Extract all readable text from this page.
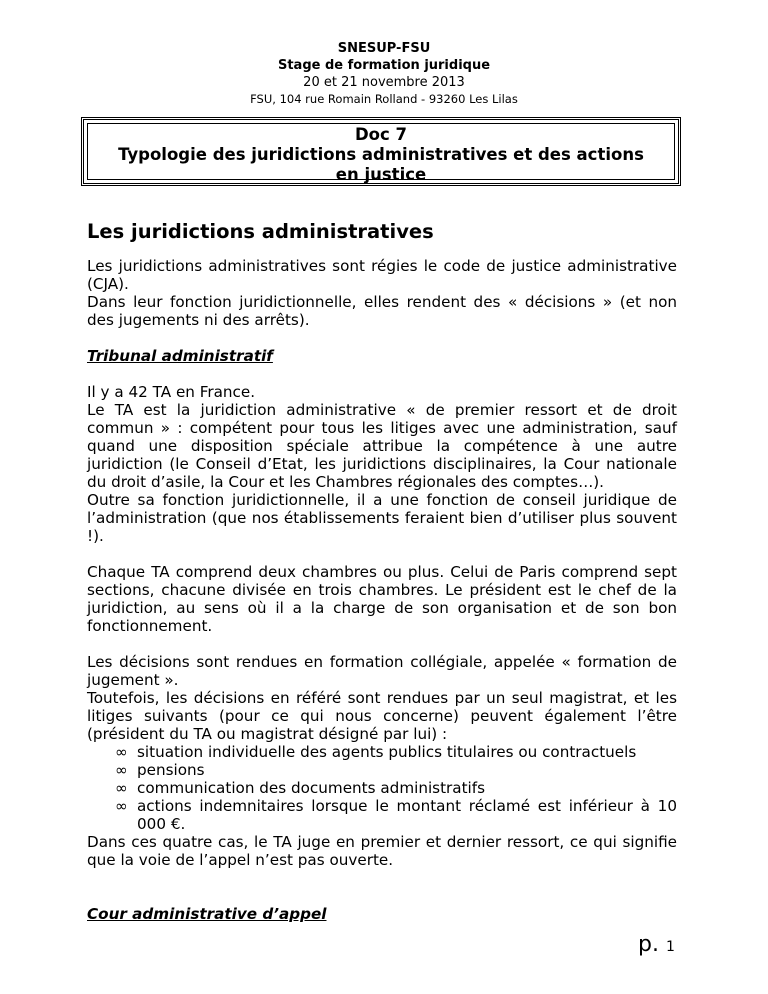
SNESUP-FSU
Stage de formation juridique
20 et 21 novembre 2013
FSU, 104 rue Romain Rolland - 93260 Les Lilas
Doc 7
Typologie des juridictions administratives et des actions
en justice
Les juridictions administratives

Les juridictions administratives sont régies le code de justice administrative (CJA).

Dans leur fonction juridictionnelle, elles rendent des « décisions » (et non des jugements ni des arrêts).

Tribunal administratif

Il y a 42 TA en France.

Le TA est la juridiction administrative « de premier ressort et de droit commun » : compétent pour tous les litiges avec une administration, sauf quand une disposition spéciale attribue la compétence à une autre juridiction (le Conseil d’Etat, les juridictions disciplinaires, la Cour nationale du droit d’asile, la Cour et les Chambres régionales des comptes…).

Outre sa fonction juridictionnelle, il a une fonction de conseil juridique de l’administration (que nos établissements feraient bien d’utiliser plus souvent !).

Chaque TA comprend deux chambres ou plus. Celui de Paris comprend sept sections, chacune divisée en trois chambres. Le président est le chef de la juridiction, au sens où il a la charge de son organisation et de son bon fonctionnement.

Les décisions sont rendues en formation collégiale, appelée « formation de jugement ».

Toutefois, les décisions en référé sont rendues par un seul magistrat, et les litiges suivants (pour ce qui nous concerne) peuvent également l’être (président du TA ou magistrat désigné par lui) :

∞ situation individuelle des agents publics titulaires ou contractuels
∞ pensions
∞ communication des documents administratifs
∞ actions indemnitaires lorsque le montant réclamé est inférieur à 10 000 €.

Dans ces quatre cas, le TA juge en premier et dernier ressort, ce qui signifie que la voie de l’appel n’est pas ouverte.

Cour administrative d’appel

p. 1
